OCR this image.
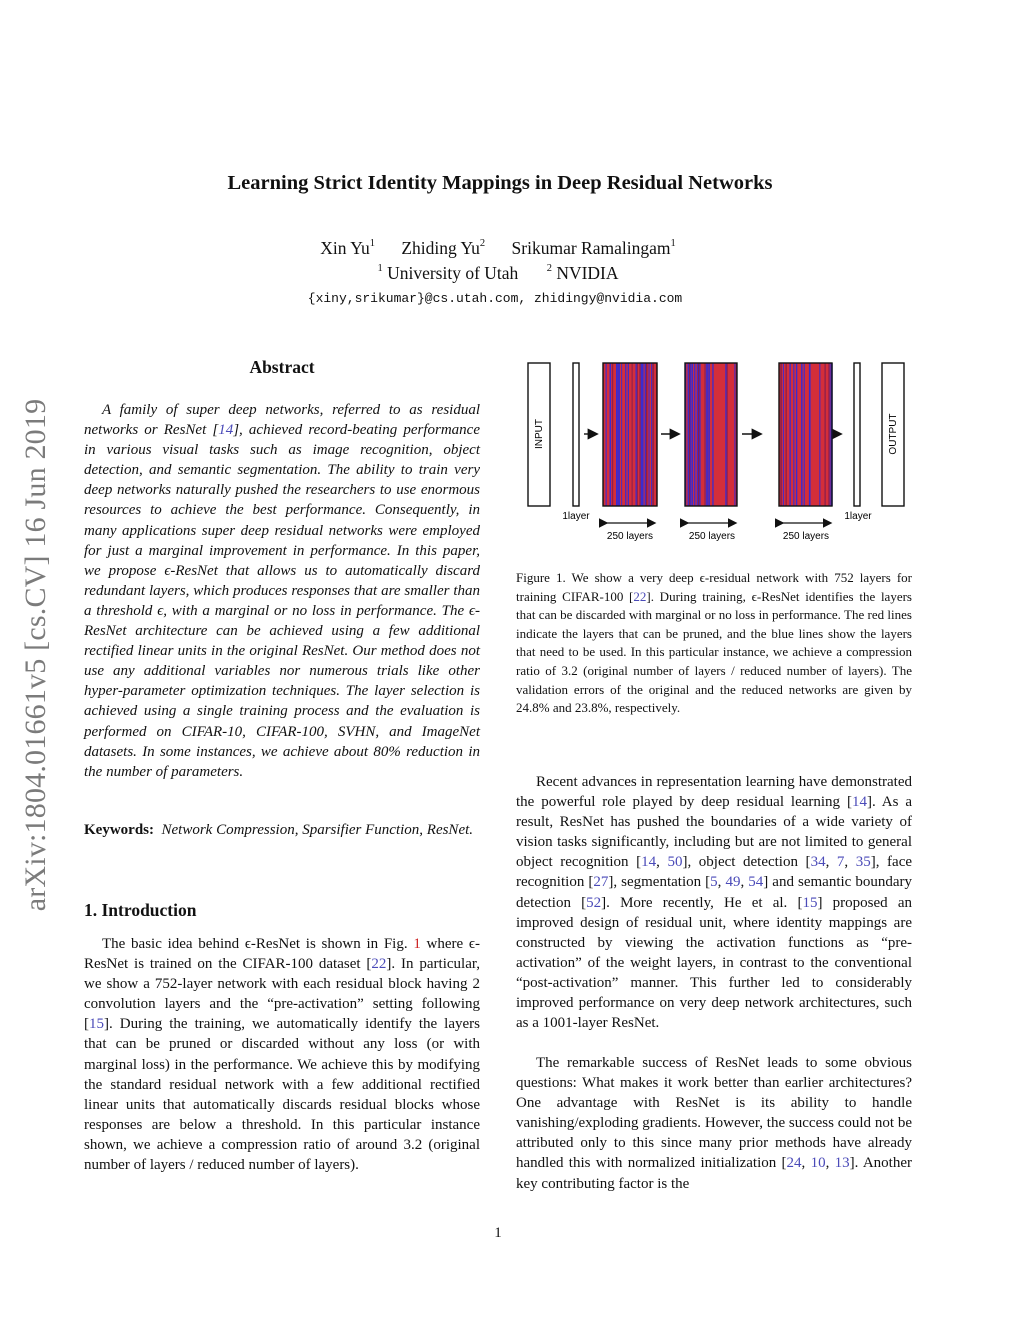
arXiv:1804.01661v5 [cs.CV] 16 Jun 2019
Learning Strict Identity Mappings in Deep Residual Networks
Xin Yu$^1$ Zhiding Yu$^2$ Srikumar Ramalingam$^1$
$^1$ University of Utah	$^2$ NVIDIA
{xiny,srikumar}@cs.utah.com, zhidingy@nvidia.com
Abstract

A family of super deep networks, referred to as residual networks or ResNet [14], achieved record-beating performance in various visual tasks such as image recognition, object detection, and semantic segmentation. The ability to train very deep networks naturally pushed the researchers to use enormous resources to achieve the best performance. Consequently, in many applications super deep residual networks were employed for just a marginal improvement in performance. In this paper, we propose ϵ-ResNet that allows us to automatically discard redundant layers, which produces responses that are smaller than a threshold ϵ, with a marginal or no loss in performance. The ϵ-ResNet architecture can be achieved using a few additional rectified linear units in the original ResNet. Our method does not use any additional variables nor numerous trials like other hyper-parameter optimization techniques. The layer selection is achieved using a single training process and the evaluation is performed on CIFAR-10, CIFAR-100, SVHN, and ImageNet datasets. In some instances, we achieve about 80% reduction in the number of parameters.

Keywords: Network Compression, Sparsifier Function, ResNet.

1. Introduction

The basic idea behind ϵ-ResNet is shown in Fig. 1 where ϵ-ResNet is trained on the CIFAR-100 dataset [22]. In particular, we show a 752-layer network with each residual block having 2 convolution layers and the “pre-activation” setting following [15]. During the training, we automatically identify the layers that can be pruned or discarded without any loss (or with marginal loss) in the performance. We achieve this by modifying the standard residual network with a few additional rectified linear units that automatically discards residual blocks whose responses are below a threshold. In this particular instance shown, we achieve a compression ratio of around 3.2 (original number of layers / reduced number of layers).

INPUT
1layer
250 layers	250 layers	250 layers
1layer
OUTPUT

Figure 1. We show a very deep ϵ-residual network with 752 layers for training CIFAR-100 [22]. During training, ϵ-ResNet identifies the layers that can be discarded with marginal or no loss in performance. The red lines indicate the layers that can be pruned, and the blue lines show the layers that need to be used. In this particular instance, we achieve a compression ratio of 3.2 (original number of layers / reduced number of layers). The validation errors of the original and the reduced networks are given by 24.8% and 23.8%, respectively.

Recent advances in representation learning have demonstrated the powerful role played by deep residual learning [14]. As a result, ResNet has pushed the boundaries of a wide variety of vision tasks significantly, including but are not limited to general object recognition [14, 50], object detection [34, 7, 35], face recognition [27], segmentation [5, 49, 54] and semantic boundary detection [52]. More recently, He et al. [15] proposed an improved design of residual unit, where identity mappings are constructed by viewing the activation functions as “pre-activation” of the weight layers, in contrast to the conventional “post-activation” manner. This further led to considerably improved performance on very deep network architectures, such as a 1001-layer ResNet.

The remarkable success of ResNet leads to some obvious questions: What makes it work better than earlier architectures? One advantage with ResNet is its ability to handle vanishing/exploding gradients. However, the success could not be attributed only to this since many prior methods have already handled this with normalized initialization [24, 10, 13]. Another key contributing factor is the

1
